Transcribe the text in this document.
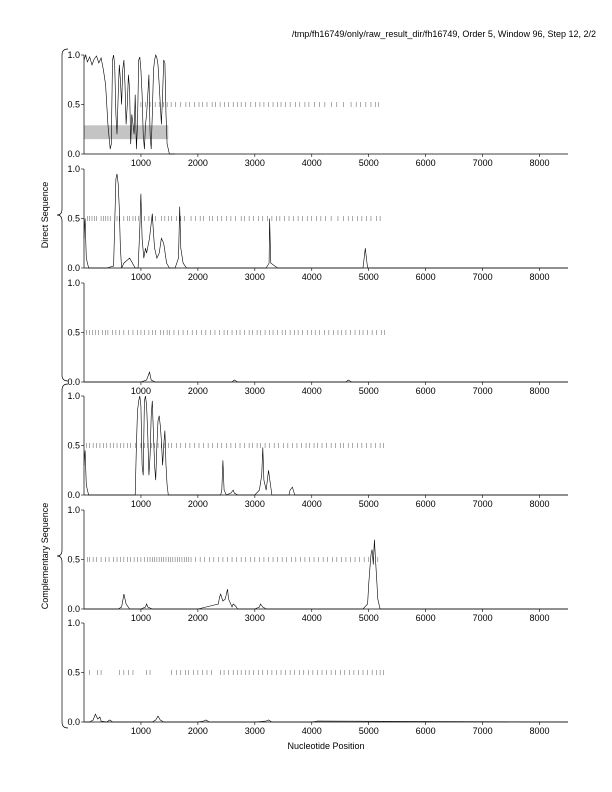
/tmp/fh16749/only/raw_result_dir/fh16749, Order 5, Window 96, Step 12, 2/2
Nucleotide Position
0.0
0.5
1.0
1000	2000	3000	4000	5000	6000	7000	8000
0.0
0.5
1.0
1000	2000	3000	4000	5000	6000	7000	8000
0.0
0.5
1.0
1000	2000	3000	4000	5000	6000	7000	8000
0.0
0.5
1.0
1000	2000	3000	4000	5000	6000	7000	8000
0.0
0.5
1.0
1000	2000	3000	4000	5000	6000	7000	8000
0.0
0.5
1.0
1000	2000	3000	4000	5000	6000	7000	8000
Direct Sequence
Complementary Sequence
